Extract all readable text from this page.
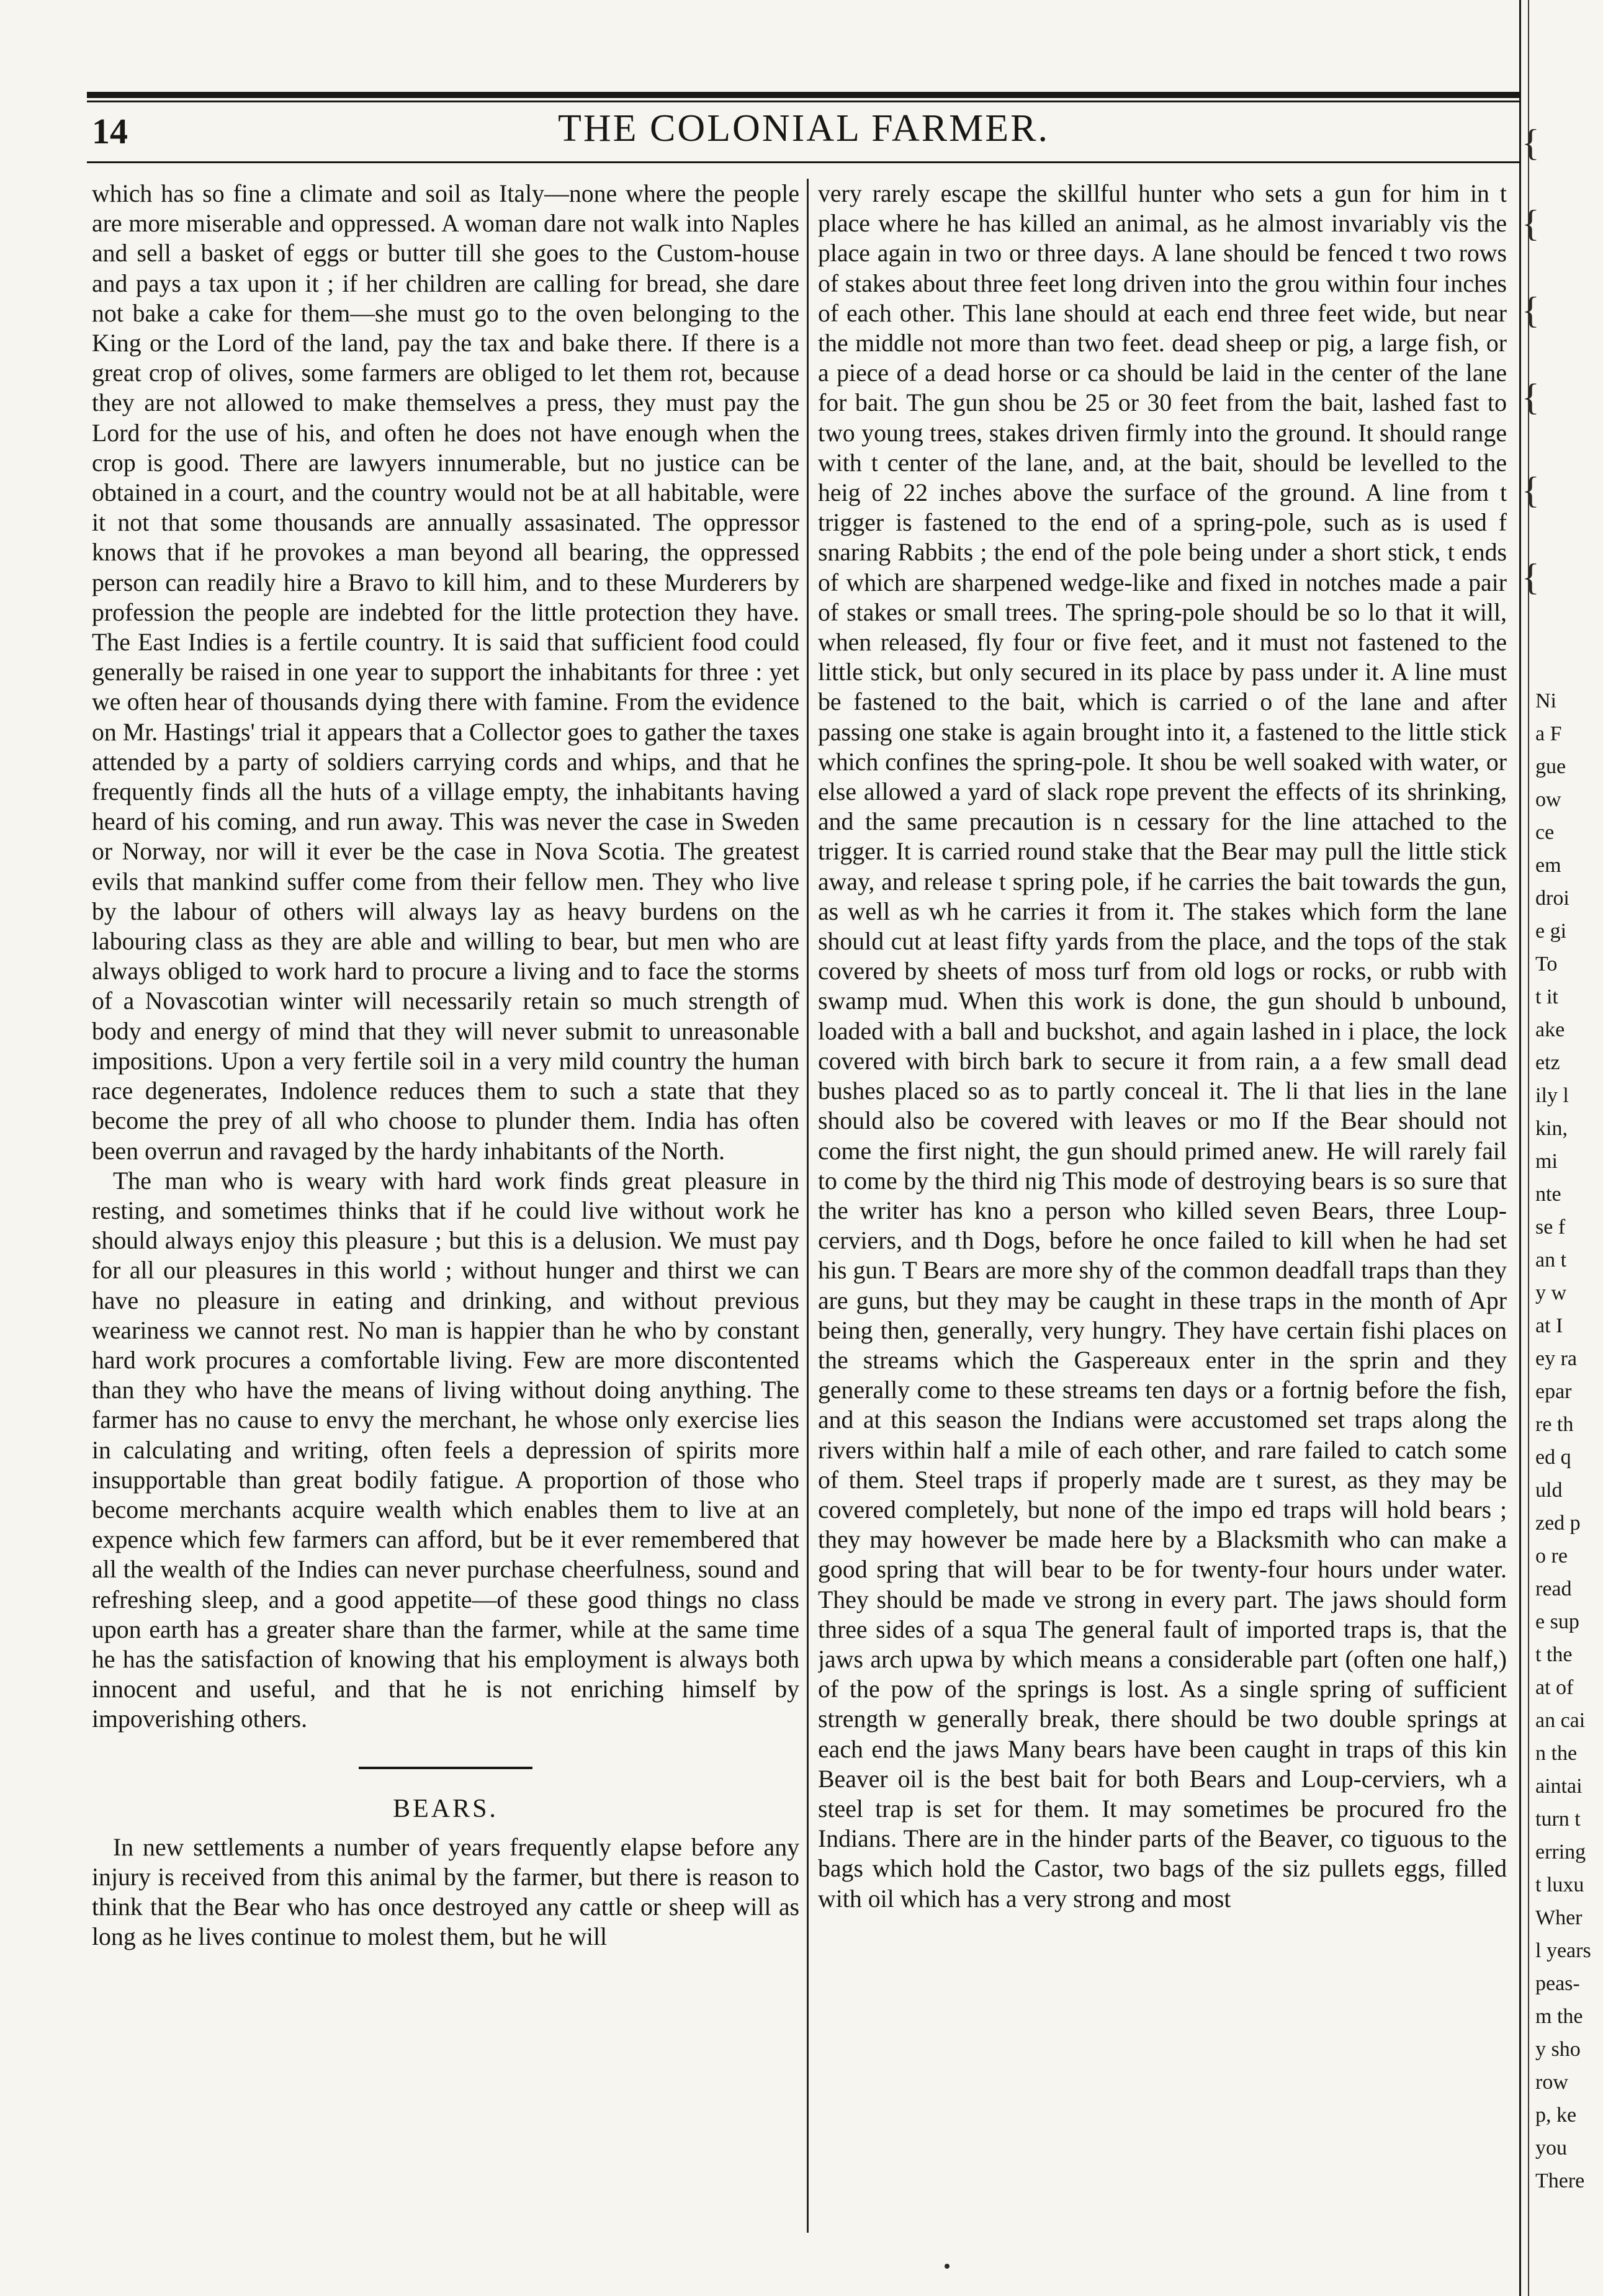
14	THE COLONIAL FARMER.

which has so fine a climate and soil as Italy—none where the people are more miserable and oppressed. A woman dare not walk into Naples and sell a basket of eggs or butter till she goes to the Custom-house and pays a tax upon it ; if her children are calling for bread, she dare not bake a cake for them—she must go to the oven belonging to the King or the Lord of the land, pay the tax and bake there. If there is a great crop of olives, some farmers are obliged to let them rot, because they are not allowed to make themselves a press, they must pay the Lord for the use of his, and often he does not have enough when the crop is good. There are lawyers innumerable, but no justice can be obtained in a court, and the country would not be at all habitable, were it not that some thousands are annually assasinated. The oppressor knows that if he provokes a man beyond all bearing, the oppressed person can readily hire a Bravo to kill him, and to these Murderers by profession the people are indebted for the little protection they have. The East Indies is a fertile country. It is said that sufficient food could generally be raised in one year to support the inhabitants for three : yet we often hear of thousands dying there with famine. From the evidence on Mr. Hastings' trial it appears that a Collector goes to gather the taxes attended by a party of soldiers carrying cords and whips, and that he frequently finds all the huts of a village empty, the inhabitants having heard of his coming, and run away. This was never the case in Sweden or Norway, nor will it ever be the case in Nova Scotia. The greatest evils that mankind suffer come from their fellow men. They who live by the labour of others will always lay as heavy burdens on the labouring class as they are able and willing to bear, but men who are always obliged to work hard to procure a living and to face the storms of a Novascotian winter will necessarily retain so much strength of body and energy of mind that they will never submit to unreasonable impositions. Upon a very fertile soil in a very mild country the human race degenerates, Indolence reduces them to such a state that they become the prey of all who choose to plunder them. India has often been overrun and ravaged by the hardy inhabitants of the North.

The man who is weary with hard work finds great pleasure in resting, and sometimes thinks that if he could live without work he should always enjoy this pleasure ; but this is a delusion. We must pay for all our pleasures in this world ; without hunger and thirst we can have no pleasure in eating and drinking, and without previous weariness we cannot rest. No man is happier than he who by constant hard work procures a comfortable living. Few are more discontented than they who have the means of living without doing anything. The farmer has no cause to envy the merchant, he whose only exercise lies in calculating and writing, often feels a depression of spirits more insupportable than great bodily fatigue. A proportion of those who become merchants acquire wealth which enables them to live at an expence which few farmers can afford, but be it ever remembered that all the wealth of the Indies can never purchase cheerfulness, sound and refreshing sleep, and a good appetite—of these good things no class upon earth has a greater share than the farmer, while at the same time he has the satisfaction of knowing that his employment is always both innocent and useful, and that he is not enriching himself by impoverishing others.

BEARS.

In new settlements a number of years frequently elapse before any injury is received from this animal by the farmer, but there is reason to think that the Bear who has once destroyed any cattle or sheep will as long as he lives continue to molest them, but he will

very rarely escape the skillful hunter who sets a gun for him in t place where he has killed an animal, as he almost invariably vis the place again in two or three days. A lane should be fenced t two rows of stakes about three feet long driven into the grou within four inches of each other. This lane should at each end three feet wide, but near the middle not more than two feet. dead sheep or pig, a large fish, or a piece of a dead horse or ca should be laid in the center of the lane for bait. The gun shou be 25 or 30 feet from the bait, lashed fast to two young trees, stakes driven firmly into the ground. It should range with t center of the lane, and, at the bait, should be levelled to the heig of 22 inches above the surface of the ground. A line from t trigger is fastened to the end of a spring-pole, such as is used f snaring Rabbits ; the end of the pole being under a short stick, t ends of which are sharpened wedge-like and fixed in notches made a pair of stakes or small trees. The spring-pole should be so lo that it will, when released, fly four or five feet, and it must not fastened to the little stick, but only secured in its place by pass under it. A line must be fastened to the bait, which is carried o of the lane and after passing one stake is again brought into it, a fastened to the little stick which confines the spring-pole. It shou be well soaked with water, or else allowed a yard of slack rope prevent the effects of its shrinking, and the same precaution is n cessary for the line attached to the trigger. It is carried round stake that the Bear may pull the little stick away, and release t spring pole, if he carries the bait towards the gun, as well as wh he carries it from it. The stakes which form the lane should cut at least fifty yards from the place, and the tops of the stak covered by sheets of moss turf from old logs or rocks, or rubb with swamp mud. When this work is done, the gun should b unbound, loaded with a ball and buckshot, and again lashed in i place, the lock covered with birch bark to secure it from rain, a a few small dead bushes placed so as to partly conceal it. The li that lies in the lane should also be covered with leaves or mo If the Bear should not come the first night, the gun should primed anew. He will rarely fail to come by the third nig This mode of destroying bears is so sure that the writer has kno a person who killed seven Bears, three Loup-cerviers, and th Dogs, before he once failed to kill when he had set his gun. T Bears are more shy of the common deadfall traps than they are guns, but they may be caught in these traps in the month of Apr being then, generally, very hungry. They have certain fishi places on the streams which the Gaspereaux enter in the sprin and they generally come to these streams ten days or a fortnig before the fish, and at this season the Indians were accustomed set traps along the rivers within half a mile of each other, and rare failed to catch some of them. Steel traps if properly made are t surest, as they may be covered completely, but none of the impo ed traps will hold bears ; they may however be made here by a Blacksmith who can make a good spring that will bear to be for twenty-four hours under water. They should be made ve strong in every part. The jaws should form three sides of a squa The general fault of imported traps is, that the jaws arch upwa by which means a considerable part (often one half,) of the pow of the springs is lost. As a single spring of sufficient strength w generally break, there should be two double springs at each end the jaws Many bears have been caught in traps of this kin Beaver oil is the best bait for both Bears and Loup-cerviers, wh a steel trap is set for them. It may sometimes be procured fro the Indians. There are in the hinder parts of the Beaver, co tiguous to the bags which hold the Castor, two bags of the siz pullets eggs, filled with oil which has a very strong and most

Ni
a F
gue
ow
ce
em
droi
e gi
To
t it
ake
etz
ily l
kin,
mi
nte
se f
an t
y w
at I
ey ra
epar
re th
ed q
uld
zed p
o re
read
e sup
t the
at of
an cai
n the
aintai
turn t
erring
t luxu
Wher
l years
peas-
m the
y sho
row
p, ke
you
There
{
{
{
{
{
{
